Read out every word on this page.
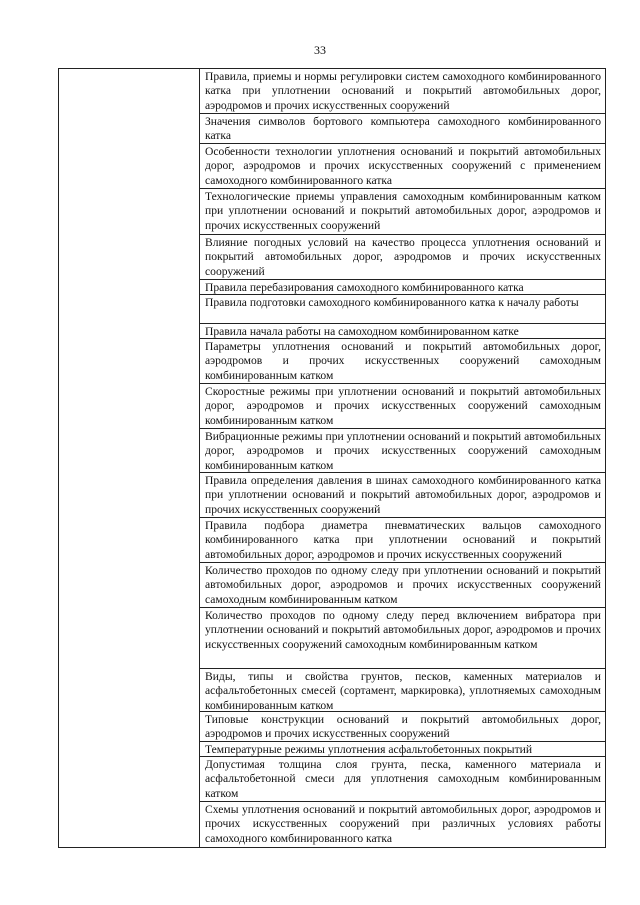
33
Правила, приемы и нормы регулировки систем самоходного комбинированного катка при уплотнении оснований и покрытий автомобильных дорог, аэродромов и прочих искусственных сооружений
Значения символов бортового компьютера самоходного комбинированного катка
Особенности технологии уплотнения оснований и покрытий автомобильных дорог, аэродромов и прочих искусственных сооружений с применением самоходного комбинированного катка
Технологические приемы управления самоходным комбинированным катком при уплотнении оснований и покрытий автомобильных дорог, аэродромов и прочих искусственных сооружений
Влияние погодных условий на качество процесса уплотнения оснований и покрытий автомобильных дорог, аэродромов и прочих искусственных сооружений
Правила перебазирования самоходного комбинированного катка
Правила подготовки самоходного комбинированного катка к началу работы
Правила начала работы на самоходном комбинированном катке
Параметры уплотнения оснований и покрытий автомобильных дорог, аэродромов и прочих искусственных сооружений самоходным комбинированным катком
Скоростные режимы при уплотнении оснований и покрытий автомобильных дорог, аэродромов и прочих искусственных сооружений самоходным комбинированным катком
Вибрационные режимы при уплотнении оснований и покрытий автомобильных дорог, аэродромов и прочих искусственных сооружений самоходным комбинированным катком
Правила определения давления в шинах самоходного комбинированного катка при уплотнении оснований и покрытий автомобильных дорог, аэродромов и прочих искусственных сооружений
Правила подбора диаметра пневматических вальцов самоходного комбинированного катка при уплотнении оснований и покрытий автомобильных дорог, аэродромов и прочих искусственных сооружений
Количество проходов по одному следу при уплотнении оснований и покрытий автомобильных дорог, аэродромов и прочих искусственных сооружений самоходным комбинированным катком
Количество проходов по одному следу перед включением вибратора при уплотнении оснований и покрытий автомобильных дорог, аэродромов и прочих искусственных сооружений самоходным комбинированным катком
Виды, типы и свойства грунтов, песков, каменных материалов и асфальтобетонных смесей (сортамент, маркировка), уплотняемых самоходным комбинированным катком
Типовые конструкции оснований и покрытий автомобильных дорог, аэродромов и прочих искусственных сооружений
Температурные режимы уплотнения асфальтобетонных покрытий
Допустимая толщина слоя грунта, песка, каменного материала и асфальтобетонной смеси для уплотнения самоходным комбинированным катком
Схемы уплотнения оснований и покрытий автомобильных дорог, аэродромов и прочих искусственных сооружений при различных условиях работы самоходного комбинированного катка
